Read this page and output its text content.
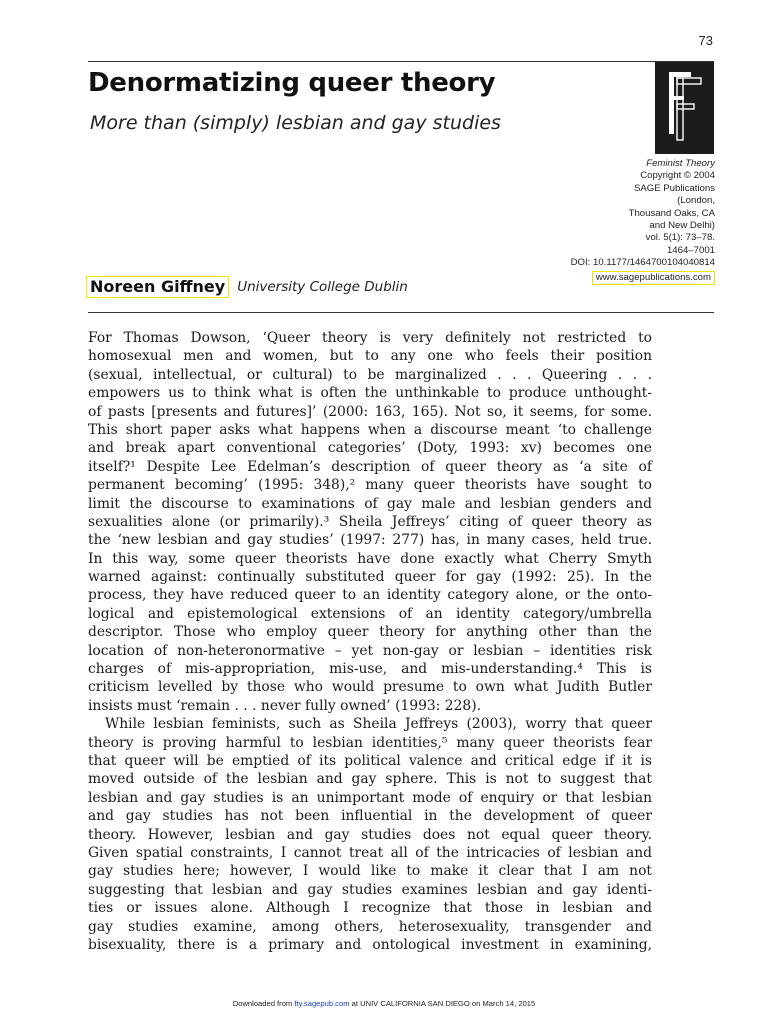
73
Denormatizing queer theory
More than (simply) lesbian and gay studies
Feminist Theory
Copyright © 2004
SAGE Publications
(London,
Thousand Oaks, CA
and New Delhi)
vol. 5(1): 73–78.
1464–7001
DOI: 10.1177/1464700104040814
www.sagepublications.com
Noreen Giffney University College Dublin
For Thomas Dowson, ‘Queer theory is very definitely not restricted to
homosexual men and women, but to any one who feels their position
(sexual, intellectual, or cultural) to be marginalized . . . Queering . . .
empowers us to think what is often the unthinkable to produce unthought-
of pasts [presents and futures]’ (2000: 163, 165). Not so, it seems, for some.
This short paper asks what happens when a discourse meant ‘to challenge
and break apart conventional categories’ (Doty, 1993: xv) becomes one
itself?¹ Despite Lee Edelman’s description of queer theory as ‘a site of
permanent becoming’ (1995: 348),² many queer theorists have sought to
limit the discourse to examinations of gay male and lesbian genders and
sexualities alone (or primarily).³ Sheila Jeffreys’ citing of queer theory as
the ‘new lesbian and gay studies’ (1997: 277) has, in many cases, held true.
In this way, some queer theorists have done exactly what Cherry Smyth
warned against: continually substituted queer for gay (1992: 25). In the
process, they have reduced queer to an identity category alone, or the onto-
logical and epistemological extensions of an identity category/umbrella
descriptor. Those who employ queer theory for anything other than the
location of non-heteronormative – yet non-gay or lesbian – identities risk
charges of mis-appropriation, mis-use, and mis-understanding.⁴ This is
criticism levelled by those who would presume to own what Judith Butler
insists must ‘remain . . . never fully owned’ (1993: 228).
While lesbian feminists, such as Sheila Jeffreys (2003), worry that queer
theory is proving harmful to lesbian identities,⁵ many queer theorists fear
that queer will be emptied of its political valence and critical edge if it is
moved outside of the lesbian and gay sphere. This is not to suggest that
lesbian and gay studies is an unimportant mode of enquiry or that lesbian
and gay studies has not been influential in the development of queer
theory. However, lesbian and gay studies does not equal queer theory.
Given spatial constraints, I cannot treat all of the intricacies of lesbian and
gay studies here; however, I would like to make it clear that I am not
suggesting that lesbian and gay studies examines lesbian and gay identi-
ties or issues alone. Although I recognize that those in lesbian and
gay studies examine, among others, heterosexuality, transgender and
bisexuality, there is a primary and ontological investment in examining,
Downloaded from fty.sagepub.com at UNIV CALIFORNIA SAN DIEGO on March 14, 2015
